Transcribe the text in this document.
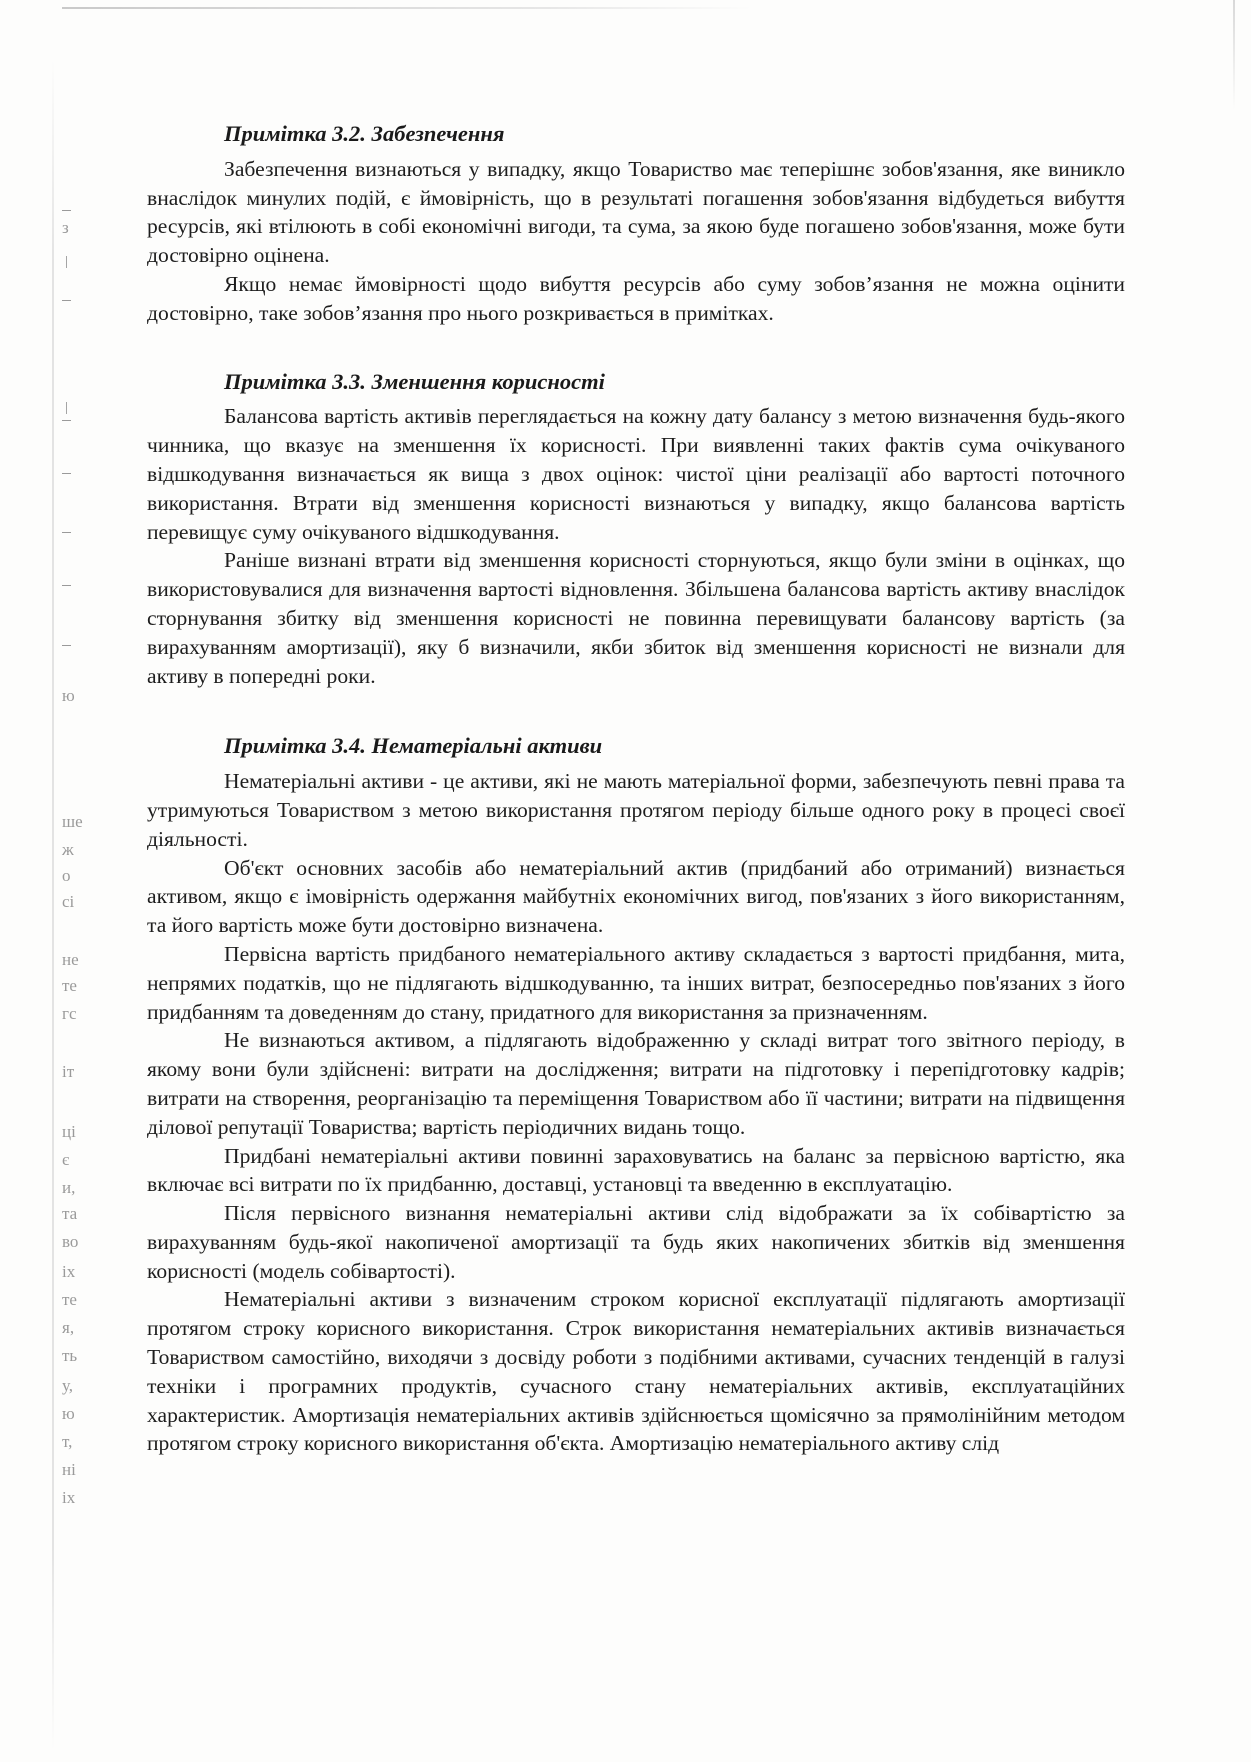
з
ю
ше
ж
о
сі
не
те
гс
іт
ці
є
и,
та
во
іх
те
я,
ть
у,
ю
т,
ні
іх

Примітка 3.2. Забезпечення

Забезпечення визнаються у випадку, якщо Товариство має теперішнє зобов'язання, яке виникло внаслідок минулих подій, є ймовірність, що в результаті погашення зобов'язання відбудеться вибуття ресурсів, які втілюють в собі економічні вигоди, та сума, за якою буде погашено зобов'язання, може бути достовірно оцінена.

Якщо немає ймовірності щодо вибуття ресурсів або суму зобов’язання не можна оцінити достовірно, таке зобов’язання про нього розкривається в примітках.

Примітка 3.3. Зменшення корисності

Балансова вартість активів переглядається на кожну дату балансу з метою визначення будь-якого чинника, що вказує на зменшення їх корисності. При виявленні таких фактів сума очікуваного відшкодування визначається як вища з двох оцінок: чистої ціни реалізації або вартості поточного використання. Втрати від зменшення корисності визнаються у випадку, якщо балансова вартість перевищує суму очікуваного відшкодування.

Раніше визнані втрати від зменшення корисності сторнуються, якщо були зміни в оцінках, що використовувалися для визначення вартості відновлення. Збільшена балансова вартість активу внаслідок сторнування збитку від зменшення корисності не повинна перевищувати балансову вартість (за вирахуванням амортизації), яку б визначили, якби збиток від зменшення корисності не визнали для активу в попередні роки.

Примітка 3.4. Нематеріальні активи

Нематеріальні активи - це активи, які не мають матеріальної форми, забезпечують певні права та утримуються Товариством з метою використання протягом періоду більше одного року в процесі своєї діяльності.

Об'єкт основних засобів або нематеріальний актив (придбаний або отриманий) визнається активом, якщо є імовірність одержання майбутніх економічних вигод, пов'язаних з його використанням, та його вартість може бути достовірно визначена.

Первісна вартість придбаного нематеріального активу складається з вартості придбання, мита, непрямих податків, що не підлягають відшкодуванню, та інших витрат, безпосередньо пов'язаних з його придбанням та доведенням до стану, придатного для використання за призначенням.

Не визнаються активом, а підлягають відображенню у складі витрат того звітного періоду, в якому вони були здійснені: витрати на дослідження; витрати на підготовку і перепідготовку кадрів; витрати на створення, реорганізацію та переміщення Товариством або її частини; витрати на підвищення ділової репутації Товариства; вартість періодичних видань тощо.

Придбані нематеріальні активи повинні зараховуватись на баланс за первісною вартістю, яка включає всі витрати по їх придбанню, доставці, установці та введенню в експлуатацію.

Після первісного визнання нематеріальні активи слід відображати за їх собівартістю за вирахуванням будь-якої накопиченої амортизації та будь яких накопичених збитків від зменшення корисності (модель собівартості).

Нематеріальні активи з визначеним строком корисної експлуатації підлягають амортизації протягом строку корисного використання. Строк використання нематеріальних активів визначається Товариством самостійно, виходячи з досвіду роботи з подібними активами, сучасних тенденцій в галузі техніки і програмних продуктів, сучасного стану нематеріальних активів, експлуатаційних характеристик. Амортизація нематеріальних активів здійснюється щомісячно за прямолінійним методом протягом строку корисного використання об'єкта. Амортизацію нематеріального активу слід
